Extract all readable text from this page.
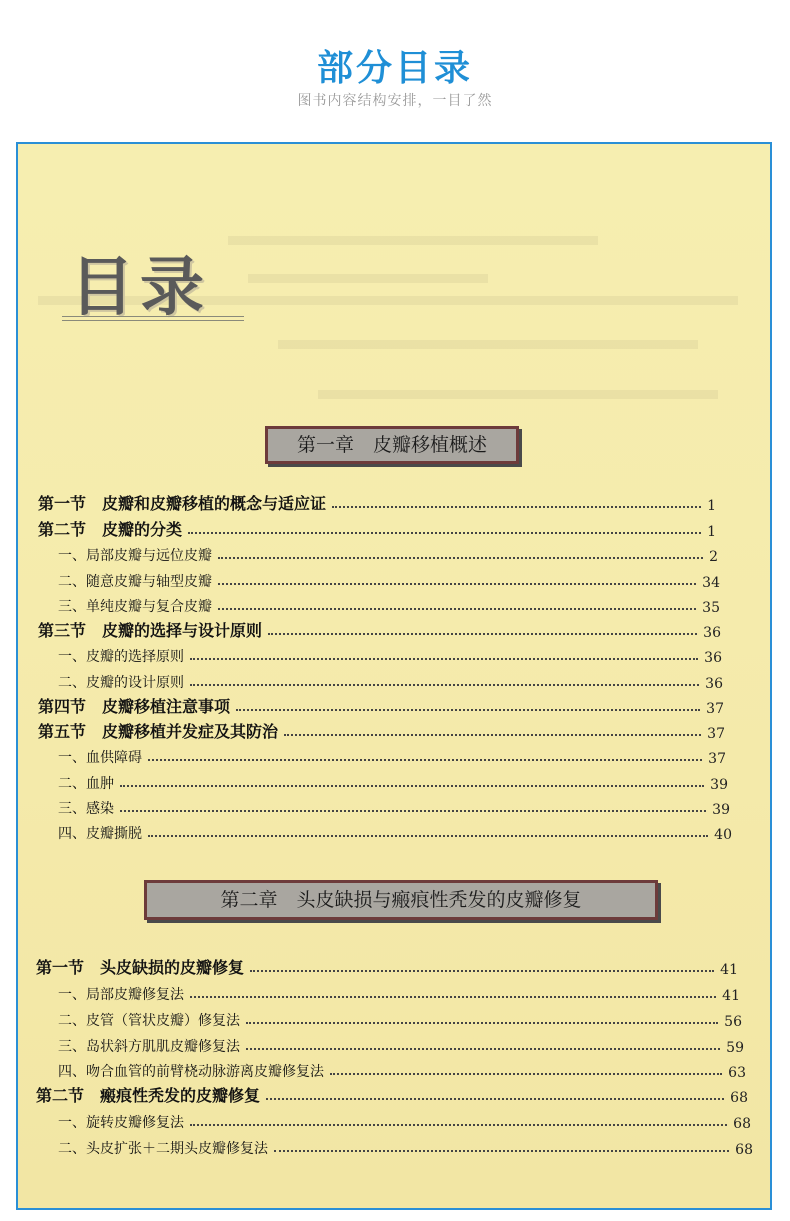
部分目录
图书内容结构安排，一目了然
目录
第一章　皮瓣移植概述
第二章　头皮缺损与瘢痕性秃发的皮瓣修复
第一节　皮瓣和皮瓣移植的概念与适应证	1
第二节　皮瓣的分类	1
一、局部皮瓣与远位皮瓣	2
二、随意皮瓣与轴型皮瓣	34
三、单纯皮瓣与复合皮瓣	35
第三节　皮瓣的选择与设计原则	36
一、皮瓣的选择原则	36
二、皮瓣的设计原则	36
第四节　皮瓣移植注意事项	37
第五节　皮瓣移植并发症及其防治	37
一、血供障碍	37
二、血肿	39
三、感染	39
四、皮瓣撕脱	40
第一节　头皮缺损的皮瓣修复	41
一、局部皮瓣修复法	41
二、皮管（管状皮瓣）修复法	56
三、岛状斜方肌肌皮瓣修复法	59
四、吻合血管的前臂桡动脉游离皮瓣修复法	63
第二节　瘢痕性秃发的皮瓣修复	68
一、旋转皮瓣修复法	68
二、头皮扩张＋二期头皮瓣修复法	68
